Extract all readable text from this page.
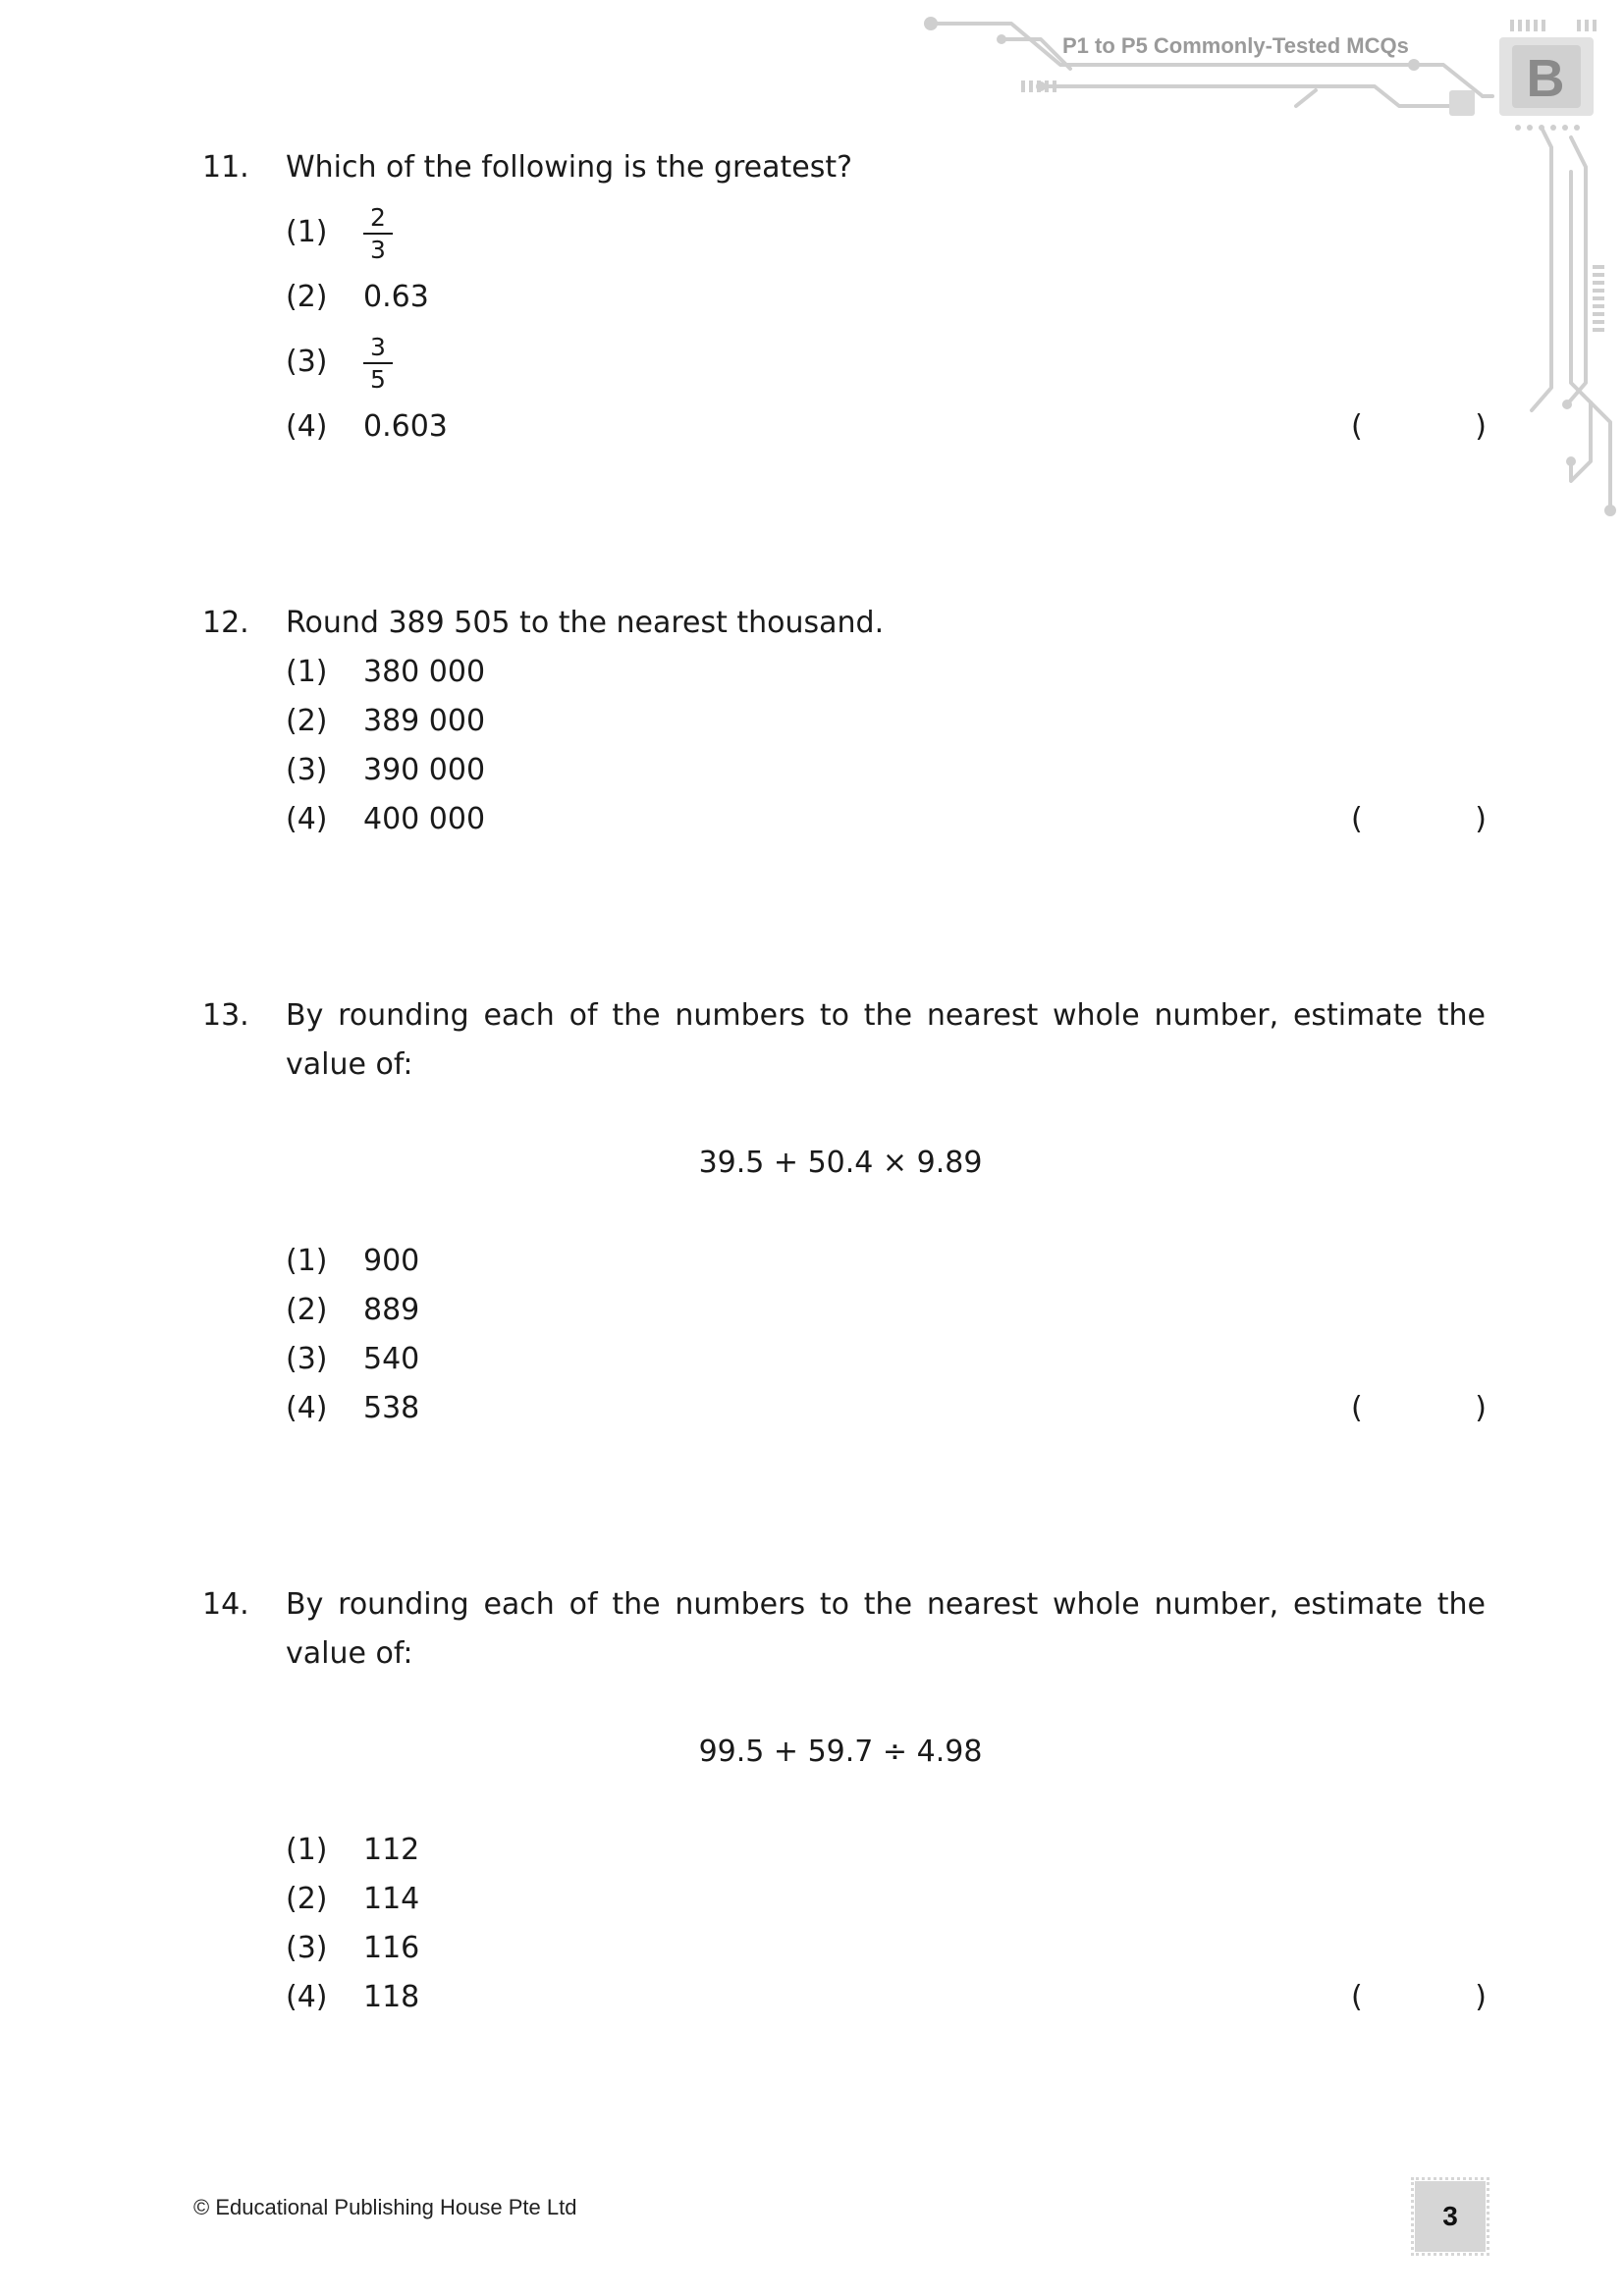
P1 to P5 Commonly-Tested MCQs
B
11. Which of the following is the greatest?
(1) 2
3
(2) 0.63
(3) 3
5
(4) 0.603	(	)
12. Round 389 505 to the nearest thousand.
(1) 380 000
(2) 389 000
(3) 390 000
(4) 400 000	(	)
13. By rounding each of the numbers to the nearest whole number, estimate the value of:
39.5 + 50.4 × 9.89
(1) 900
(2) 889
(3) 540
(4) 538	(	)
14. By rounding each of the numbers to the nearest whole number, estimate the value of:
99.5 + 59.7 ÷ 4.98
(1) 112
(2) 114
(3) 116
(4) 118	(	)
© Educational Publishing House Pte Ltd	3
